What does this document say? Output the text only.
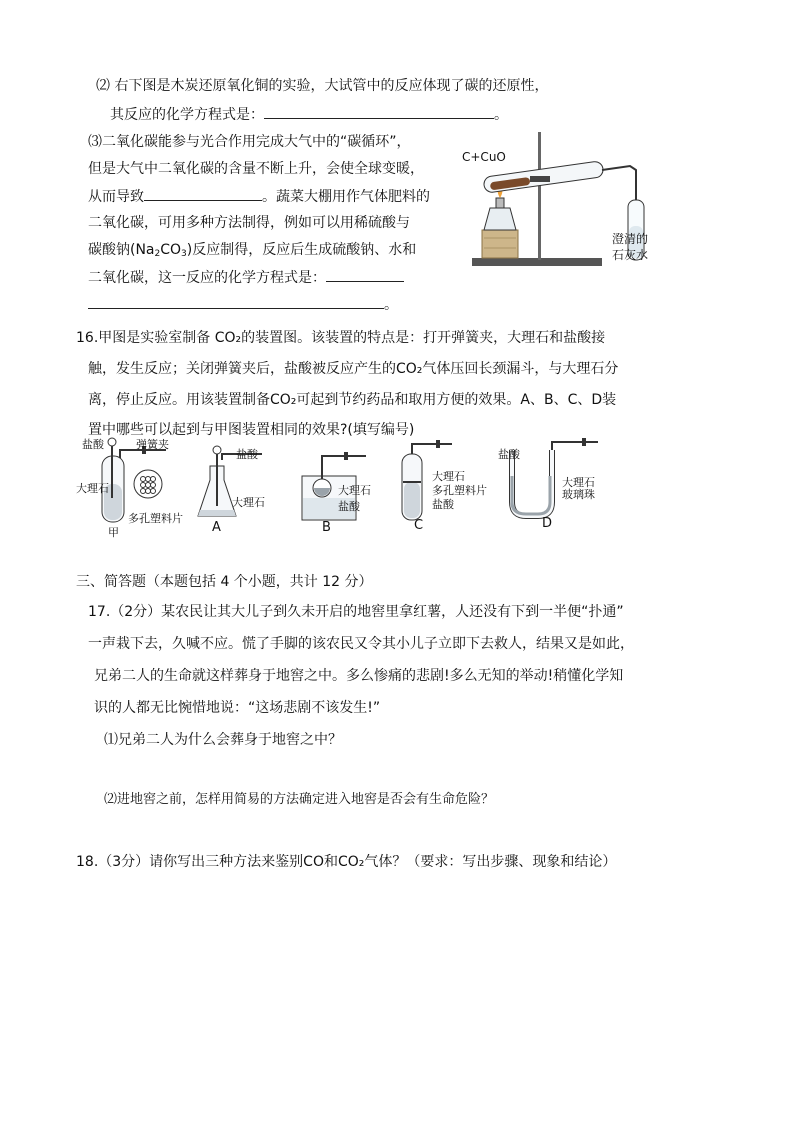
⑵ 右下图是木炭还原氧化铜的实验，大试管中的反应体现了碳的还原性，
其反应的化学方程式是：	。
⑶二氧化碳能参与光合作用完成大气中的“碳循环”，
但是大气中二氧化碳的含量不断上升，会使全球变暖，
从而导致	。蔬菜大棚用作气体肥料的
二氧化碳，可用多种方法制得，例如可以用稀硫酸与
碳酸钠$(Na_2CO_3)$反应制得，反应后生成硫酸钠、水和
二氧化碳，这一反应的化学方程式是：
。
C+CuO
澄清的
石灰水
16.甲图是实验室制备 CO₂的装置图。该装置的特点是：打开弹簧夹，大理石和盐酸接
触，发生反应；关闭弹簧夹后，盐酸被反应产生的CO₂气体压回长颈漏斗，与大理石分
离，停止反应。用该装置制备CO₂可起到节约药品和取用方便的效果。A、B、C、D装
置中哪些可以起到与甲图装置相同的效果?(填写编号)
盐酸	弹簧夹
大理石
多孔塑料片
甲
盐酸
大理石
A
大理石
盐酸
B
大理石
多孔塑料片
盐酸
C
盐酸
大理石
玻璃珠
D
三、简答题（本题包括 4 个小题，共计 12 分）
17.（2分）某农民让其大儿子到久未开启的地窖里拿红薯，人还没有下到一半便“扑通”
一声栽下去，久喊不应。慌了手脚的该农民又令其小儿子立即下去救人，结果又是如此，
兄弟二人的生命就这样葬身于地窖之中。多么惨痛的悲剧!多么无知的举动!稍懂化学知
识的人都无比惋惜地说：“这场悲剧不该发生!”
⑴兄弟二人为什么会葬身于地窖之中？
⑵进地窖之前，怎样用简易的方法确定进入地窖是否会有生命危险？
18.（3分）请你写出三种方法来鉴别CO和CO₂气体？（要求：写出步骤、现象和结论）
